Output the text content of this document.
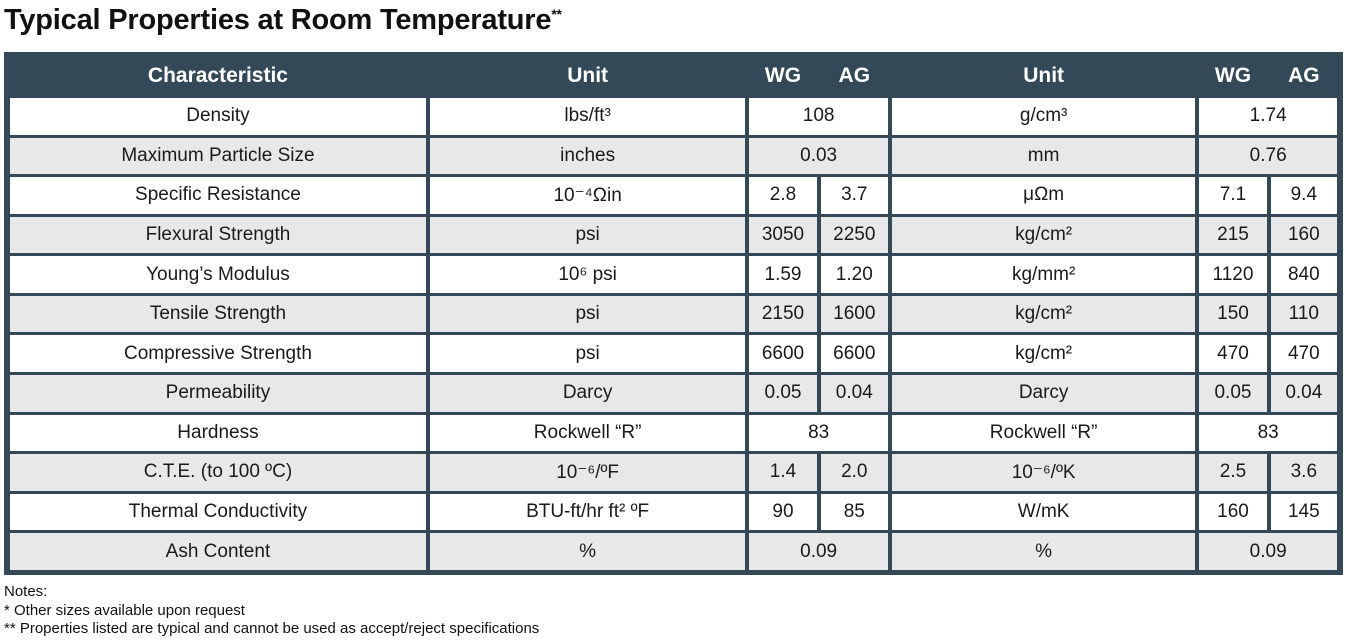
Typical Properties at Room Temperature**
Characteristic	Unit	WG	AG	Unit	WG	AG
Density	lbs/ft³	108		g/cm³	1.74	
Maximum Particle Size	inches	0.03		mm	0.76	
Specific Resistance	10⁻⁴Ωin	2.8	3.7	μΩm	7.1	9.4
Flexural Strength	psi	3050	2250	kg/cm²	215	160
Young’s Modulus	10⁶ psi	1.59	1.20	kg/mm²	1120	840
Tensile Strength	psi	2150	1600	kg/cm²	150	110
Compressive Strength	psi	6600	6600	kg/cm²	470	470
Permeability	Darcy	0.05	0.04	Darcy	0.05	0.04
Hardness	Rockwell “R”	83		Rockwell “R”	83	
C.T.E. (to 100 ºC)	10⁻⁶/ºF	1.4	2.0	10⁻⁶/ºK	2.5	3.6
Thermal Conductivity	BTU-ft/hr ft² ºF	90	85	W/mK	160	145
Ash Content	%	0.09		%	0.09	
Notes:
* Other sizes available upon request
** Properties listed are typical and cannot be used as accept/reject specifications
